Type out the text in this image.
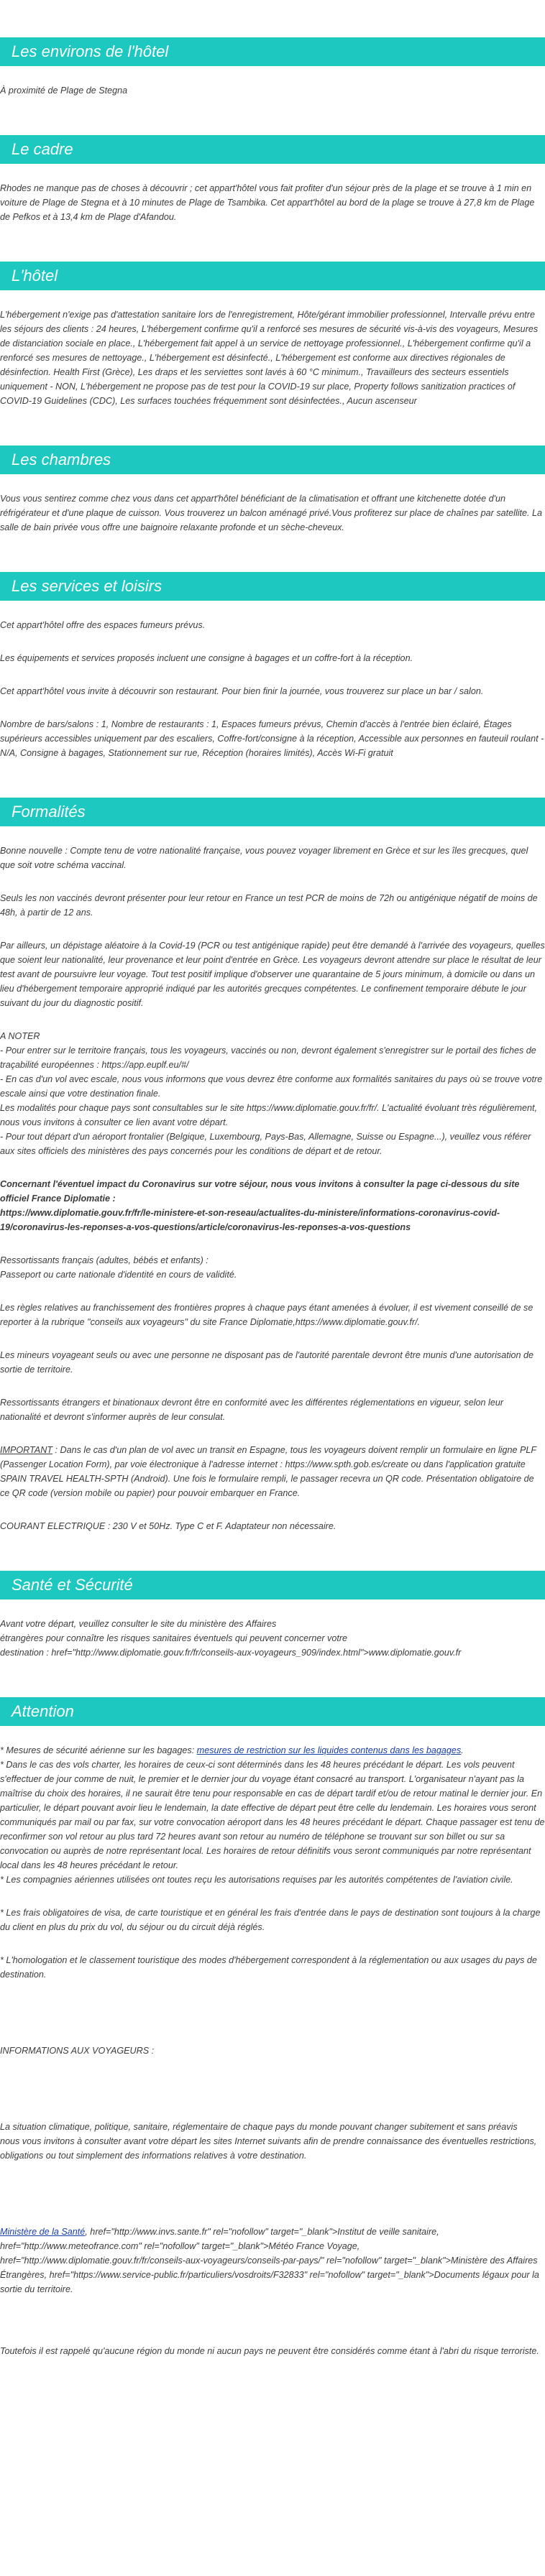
Les environs de l'hôtel

À proximité de Plage de Stegna

Le cadre

Rhodes ne manque pas de choses à découvrir ; cet appart'hôtel vous fait profiter d'un séjour près de la plage et se trouve à 1 min en voiture de Plage de Stegna et à 10 minutes de Plage de Tsambika. Cet appart'hôtel au bord de la plage se trouve à 27,8 km de Plage de Pefkos et à 13,4 km de Plage d'Afandou.

L'hôtel

L'hébergement n'exige pas d'attestation sanitaire lors de l'enregistrement, Hôte/gérant immobilier professionnel, Intervalle prévu entre les séjours des clients : 24 heures, L'hébergement confirme qu'il a renforcé ses mesures de sécurité vis-à-vis des voyageurs, Mesures de distanciation sociale en place., L'hébergement fait appel à un service de nettoyage professionnel., L'hébergement confirme qu'il a renforcé ses mesures de nettoyage., L'hébergement est désinfecté., L'hébergement est conforme aux directives régionales de désinfection. Health First (Grèce), Les draps et les serviettes sont lavés à 60 °C minimum., Travailleurs des secteurs essentiels uniquement - NON, L'hébergement ne propose pas de test pour la COVID-19 sur place, Property follows sanitization practices of COVID-19 Guidelines (CDC), Les surfaces touchées fréquemment sont désinfectées., Aucun ascenseur

Les chambres

Vous vous sentirez comme chez vous dans cet appart'hôtel bénéficiant de la climatisation et offrant une kitchenette dotée d'un réfrigérateur et d'une plaque de cuisson. Vous trouverez un balcon aménagé privé.Vous profiterez sur place de chaînes par satellite. La salle de bain privée vous offre une baignoire relaxante profonde et un sèche-cheveux.

Les services et loisirs

Cet appart'hôtel offre des espaces fumeurs prévus.

Les équipements et services proposés incluent une consigne à bagages et un coffre-fort à la réception.

Cet appart'hôtel vous invite à découvrir son restaurant. Pour bien finir la journée, vous trouverez sur place un bar / salon.

Nombre de bars/salons : 1, Nombre de restaurants : 1, Espaces fumeurs prévus, Chemin d'accès à l'entrée bien éclairé, Étages supérieurs accessibles uniquement par des escaliers, Coffre-fort/consigne à la réception, Accessible aux personnes en fauteuil roulant - N/A, Consigne à bagages, Stationnement sur rue, Réception (horaires limités), Accès Wi-Fi gratuit

Formalités

Bonne nouvelle : Compte tenu de votre nationalité française, vous pouvez voyager librement en Grèce et sur les îles grecques, quel que soit votre schéma vaccinal.

Seuls les non vaccinés devront présenter pour leur retour en France un test PCR de moins de 72h ou antigénique négatif de moins de 48h, à partir de 12 ans.

Par ailleurs, un dépistage aléatoire à la Covid-19 (PCR ou test antigénique rapide) peut être demandé à l'arrivée des voyageurs, quelles que soient leur nationalité, leur provenance et leur point d'entrée en Grèce. Les voyageurs devront attendre sur place le résultat de leur test avant de poursuivre leur voyage. Tout test positif implique d'observer une quarantaine de 5 jours minimum, à domicile ou dans un lieu d'hébergement temporaire approprié indiqué par les autorités grecques compétentes. Le confinement temporaire débute le jour suivant du jour du diagnostic positif.

A NOTER
- Pour entrer sur le territoire français, tous les voyageurs, vaccinés ou non, devront également s'enregistrer sur le portail des fiches de traçabilité européennes : https://app.euplf.eu/#/
- En cas d'un vol avec escale, nous vous informons que vous devrez être conforme aux formalités sanitaires du pays où se trouve votre escale ainsi que votre destination finale.
Les modalités pour chaque pays sont consultables sur le site https://www.diplomatie.gouv.fr/fr/. L'actualité évoluant très régulièrement, nous vous invitons à consulter ce lien avant votre départ.
- Pour tout départ d'un aéroport frontalier (Belgique, Luxembourg, Pays-Bas, Allemagne, Suisse ou Espagne...), veuillez vous référer aux sites officiels des ministères des pays concernés pour les conditions de départ et de retour.

Concernant l'éventuel impact du Coronavirus sur votre séjour, nous vous invitons à consulter la page ci-dessous du site officiel France Diplomatie :
https://www.diplomatie.gouv.fr/fr/le-ministere-et-son-reseau/actualites-du-ministere/informations-coronavirus-covid-19/coronavirus-les-reponses-a-vos-questions/article/coronavirus-les-reponses-a-vos-questions

Ressortissants français (adultes, bébés et enfants) :
Passeport ou carte nationale d'identité en cours de validité.

Les règles relatives au franchissement des frontières propres à chaque pays étant amenées à évoluer, il est vivement conseillé de se reporter à la rubrique "conseils aux voyageurs" du site France Diplomatie,https://www.diplomatie.gouv.fr/.

Les mineurs voyageant seuls ou avec une personne ne disposant pas de l'autorité parentale devront être munis d'une autorisation de sortie de territoire.

Ressortissants étrangers et binationaux devront être en conformité avec les différentes réglementations en vigueur, selon leur nationalité et devront s'informer auprès de leur consulat.

IMPORTANT : Dans le cas d'un plan de vol avec un transit en Espagne, tous les voyageurs doivent remplir un formulaire en ligne PLF (Passenger Location Form), par voie électronique à l'adresse internet : https://www.spth.gob.es/create ou dans l'application gratuite SPAIN TRAVEL HEALTH-SPTH (Android). Une fois le formulaire rempli, le passager recevra un QR code. Présentation obligatoire de ce QR code (version mobile ou papier) pour pouvoir embarquer en France.

COURANT ELECTRIQUE : 230 V et 50Hz. Type C et F. Adaptateur non nécessaire.

Santé et Sécurité

Avant votre départ, veuillez consulter le site du ministère des Affaires
étrangères pour connaître les risques sanitaires éventuels qui peuvent concerner votre
destination : href="http://www.diplomatie.gouv.fr/fr/conseils-aux-voyageurs_909/index.html">www.diplomatie.gouv.fr

Attention

* Mesures de sécurité aérienne sur les bagages: mesures de restriction sur les liquides contenus dans les bagages.
* Dans le cas des vols charter, les horaires de ceux-ci sont déterminés dans les 48 heures précédant le départ. Les vols peuvent s'effectuer de jour comme de nuit, le premier et le dernier jour du voyage étant consacré au transport. L'organisateur n'ayant pas la maîtrise du choix des horaires, il ne saurait être tenu pour responsable en cas de départ tardif et/ou de retour matinal le dernier jour. En particulier, le départ pouvant avoir lieu le lendemain, la date effective de départ peut être celle du lendemain. Les horaires vous seront communiqués par mail ou par fax, sur votre convocation aéroport dans les 48 heures précédant le départ. Chaque passager est tenu de reconfirmer son vol retour au plus tard 72 heures avant son retour au numéro de téléphone se trouvant sur son billet ou sur sa convocation ou auprès de notre représentant local. Les horaires de retour définitifs vous seront communiqués par notre représentant local dans les 48 heures précédant le retour.
* Les compagnies aériennes utilisées ont toutes reçu les autorisations requises par les autorités compétentes de l'aviation civile.

* Les frais obligatoires de visa, de carte touristique et en général les frais d'entrée dans le pays de destination sont toujours à la charge du client en plus du prix du vol, du séjour ou du circuit déjà réglés.

* L'homologation et le classement touristique des modes d'hébergement correspondent à la réglementation ou aux usages du pays de destination.

INFORMATIONS AUX VOYAGEURS :

La situation climatique, politique, sanitaire, réglementaire de chaque pays du monde pouvant changer subitement et sans préavis
nous vous invitons à consulter avant votre départ les sites Internet suivants afin de prendre connaissance des éventuelles restrictions, obligations ou tout simplement des informations relatives à votre destination.

Ministère de la Santé, href="http://www.invs.sante.fr" rel="nofollow" target="_blank">Institut de veille sanitaire, href="http://www.meteofrance.com" rel="nofollow" target="_blank">Météo France Voyage, href="http://www.diplomatie.gouv.fr/fr/conseils-aux-voyageurs/conseils-par-pays/" rel="nofollow" target="_blank">Ministère des Affaires Étrangères, href="https://www.service-public.fr/particuliers/vosdroits/F32833" rel="nofollow" target="_blank">Documents légaux pour la sortie du territoire.

Toutefois il est rappelé qu'aucune région du monde ni aucun pays ne peuvent être considérés comme étant à l'abri du risque terroriste.
